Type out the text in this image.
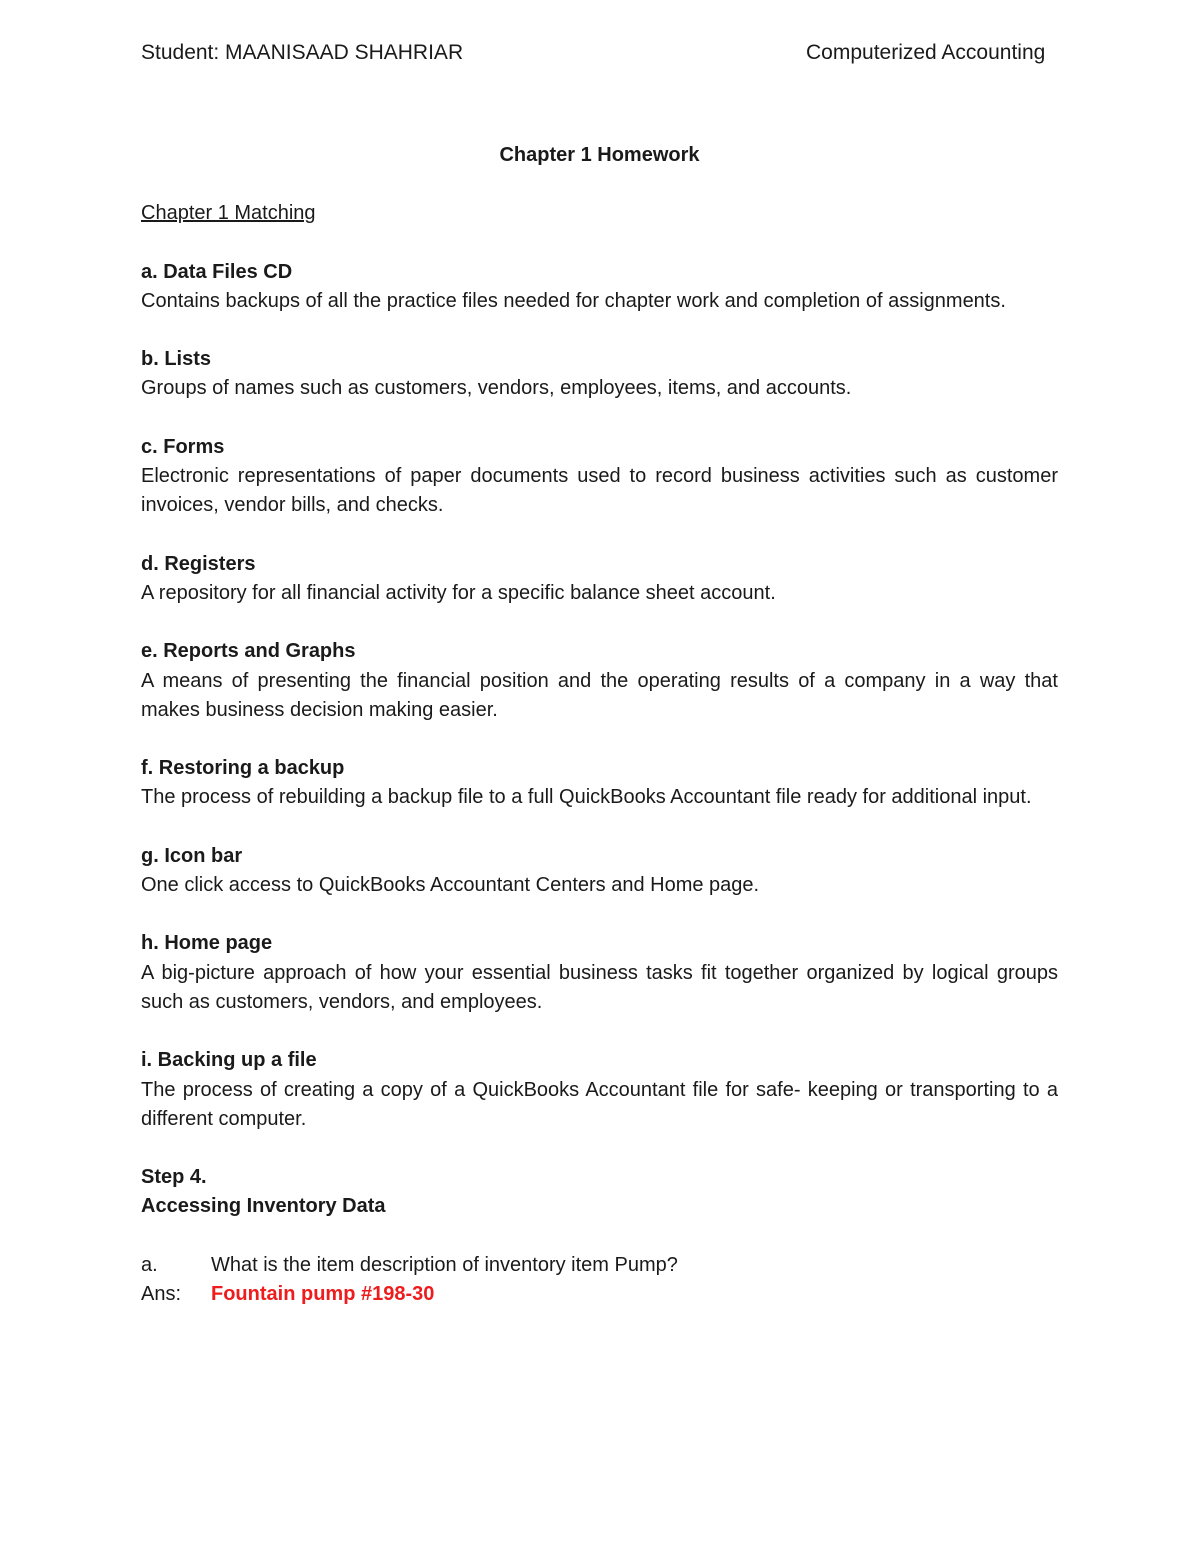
Student: MAANISAAD SHAHRIAR	Computerized Accounting
Chapter 1 Homework
Chapter 1 Matching
a. Data Files CD
Contains backups of all the practice files needed for chapter work and completion of assignments.
b. Lists
Groups of names such as customers, vendors, employees, items, and accounts.
c. Forms
Electronic representations of paper documents used to record business activities such as customer invoices, vendor bills, and checks.
d. Registers
A repository for all financial activity for a specific balance sheet account.
e. Reports and Graphs
A means of presenting the financial position and the operating results of a company in a way that makes business decision making easier.
f. Restoring a backup
The process of rebuilding a backup file to a full QuickBooks Accountant file ready for additional input.
g. Icon bar
One click access to QuickBooks Accountant Centers and Home page.
h. Home page
A big-picture approach of how your essential business tasks fit together organized by logical groups such as customers, vendors, and employees.
i. Backing up a file
The process of creating a copy of a QuickBooks Accountant file for safe- keeping or transporting to a different computer.
Step 4.
Accessing Inventory Data
a.	What is the item description of inventory item Pump?
Ans:	Fountain pump #198-30
